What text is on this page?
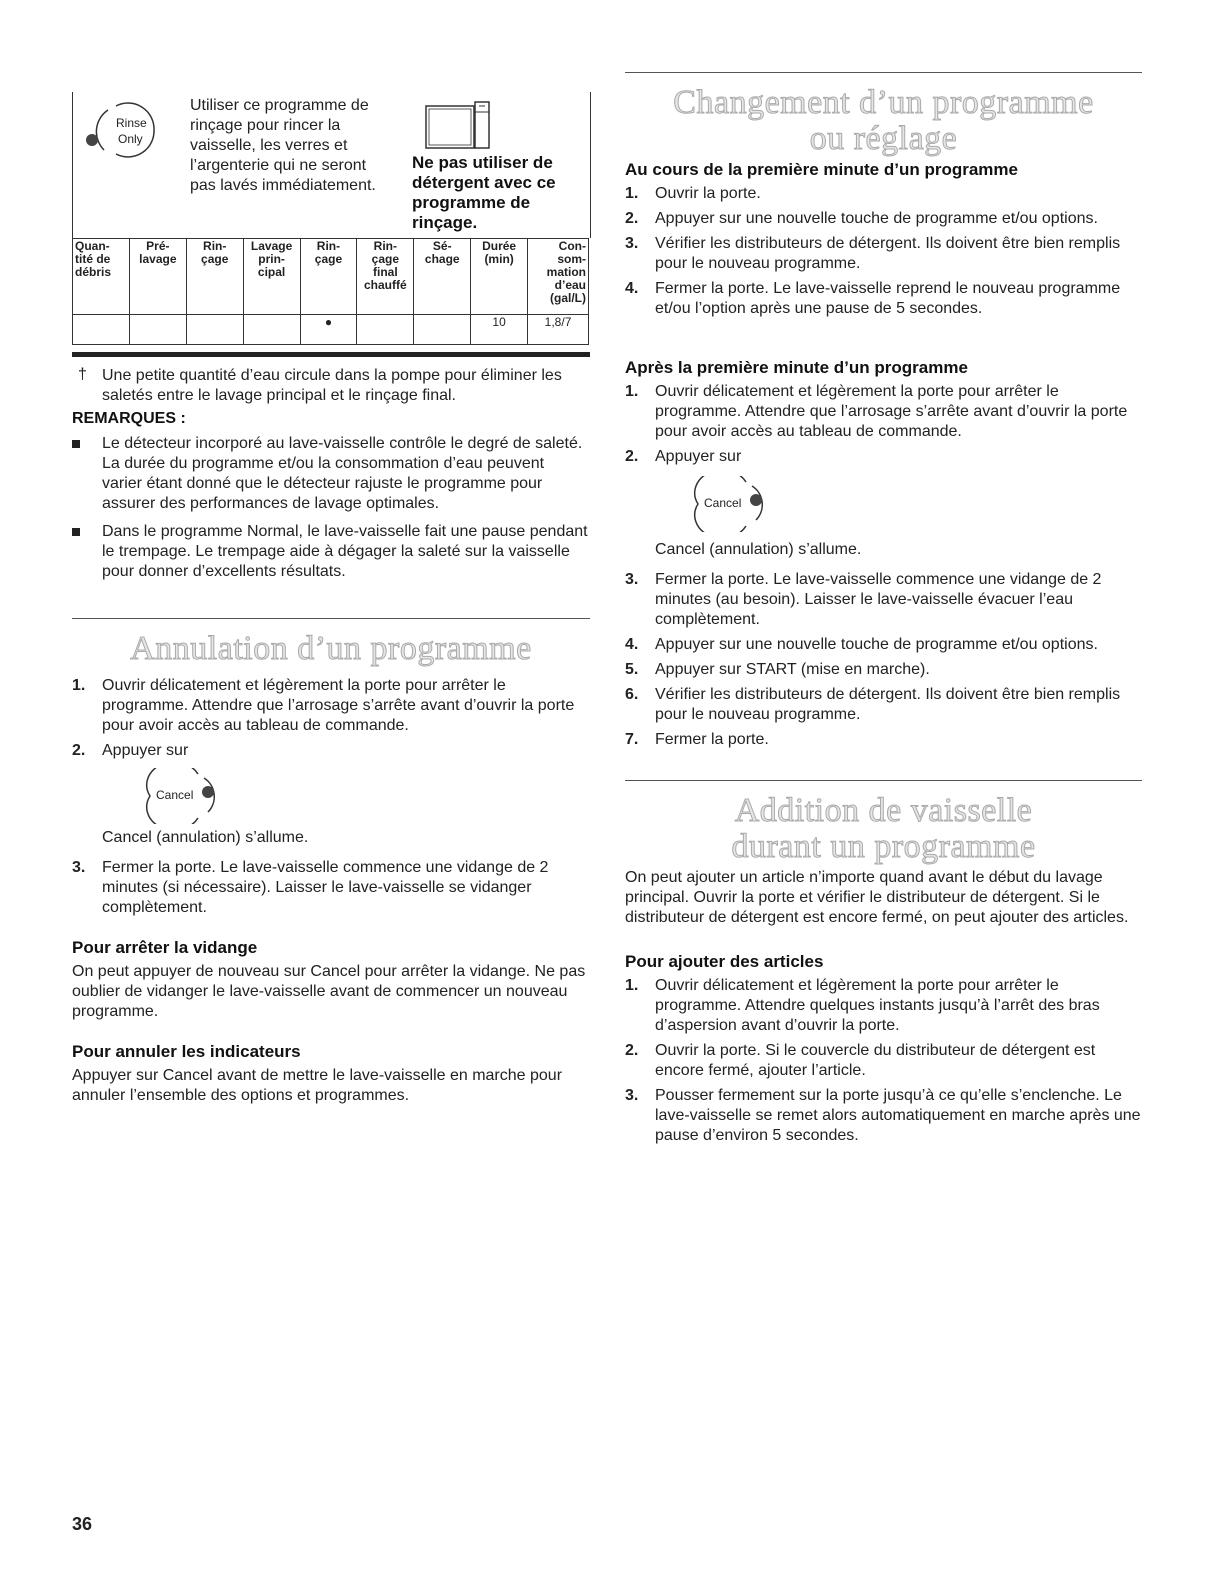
Rinse
Only
Utiliser ce programme de
rinçage pour rincer la
vaisselle, les verres et
l’argenterie qui ne seront
pas lavés immédiatement.
Ne pas utiliser de
détergent avec ce
programme de
rinçage.
Quan- tité de débris	Pré- lavage	Rin- çage	Lavage prin- cipal	Rin- çage	Rin- çage final chauffé	Sé- chage	Durée (min)	Con- som- mation d’eau (gal/L)
				●			10	1,8/7
† Une petite quantité d’eau circule dans la pompe pour éliminer les saletés entre le lavage principal et le rinçage final.

REMARQUES :
Le détecteur incorporé au lave-vaisselle contrôle le degré de saleté. La durée du programme et/ou la consommation d’eau peuvent varier étant donné que le détecteur rajuste le programme pour assurer des performances de lavage optimales.
Dans le programme Normal, le lave-vaisselle fait une pause pendant le trempage. Le trempage aide à dégager la saleté sur la vaisselle pour donner d’excellents résultats.
Annulation d’un programme
1. Ouvrir délicatement et légèrement la porte pour arrêter le programme. Attendre que l’arrosage s’arrête avant d’ouvrir la porte pour avoir accès au tableau de commande.
2. Appuyer sur
Cancel

Cancel (annulation) s’allume.

3. Fermer la porte. Le lave-vaisselle commence une vidange de 2 minutes (si nécessaire). Laisser le lave-vaisselle se vidanger complètement.
Pour arrêter la vidange

On peut appuyer de nouveau sur Cancel pour arrêter la vidange. Ne pas oublier de vidanger le lave-vaisselle avant de commencer un nouveau programme.

Pour annuler les indicateurs

Appuyer sur Cancel avant de mettre le lave-vaisselle en marche pour annuler l’ensemble des options et programmes.

36
Changement d’un programme
ou réglage
Au cours de la première minute d’un programme
1. Ouvrir la porte.
2. Appuyer sur une nouvelle touche de programme et/ou options.
3. Vérifier les distributeurs de détergent. Ils doivent être bien remplis pour le nouveau programme.
4. Fermer la porte. Le lave-vaisselle reprend le nouveau programme et/ou l’option après une pause de 5 secondes.
Après la première minute d’un programme
1. Ouvrir délicatement et légèrement la porte pour arrêter le programme. Attendre que l’arrosage s’arrête avant d’ouvrir la porte pour avoir accès au tableau de commande.
2. Appuyer sur
Cancel

Cancel (annulation) s’allume.

3. Fermer la porte. Le lave-vaisselle commence une vidange de 2 minutes (au besoin). Laisser le lave-vaisselle évacuer l’eau complètement.
4. Appuyer sur une nouvelle touche de programme et/ou options.
5. Appuyer sur START (mise en marche).
6. Vérifier les distributeurs de détergent. Ils doivent être bien remplis pour le nouveau programme.
7. Fermer la porte.
Addition de vaisselle
durant un programme

On peut ajouter un article n’importe quand avant le début du lavage principal. Ouvrir la porte et vérifier le distributeur de détergent. Si le distributeur de détergent est encore fermé, on peut ajouter des articles.

Pour ajouter des articles
1. Ouvrir délicatement et légèrement la porte pour arrêter le programme. Attendre quelques instants jusqu’à l’arrêt des bras d’aspersion avant d’ouvrir la porte.
2. Ouvrir la porte. Si le couvercle du distributeur de détergent est encore fermé, ajouter l’article.
3. Pousser fermement sur la porte jusqu’à ce qu’elle s’enclenche. Le lave-vaisselle se remet alors automatiquement en marche après une pause d’environ 5 secondes.
